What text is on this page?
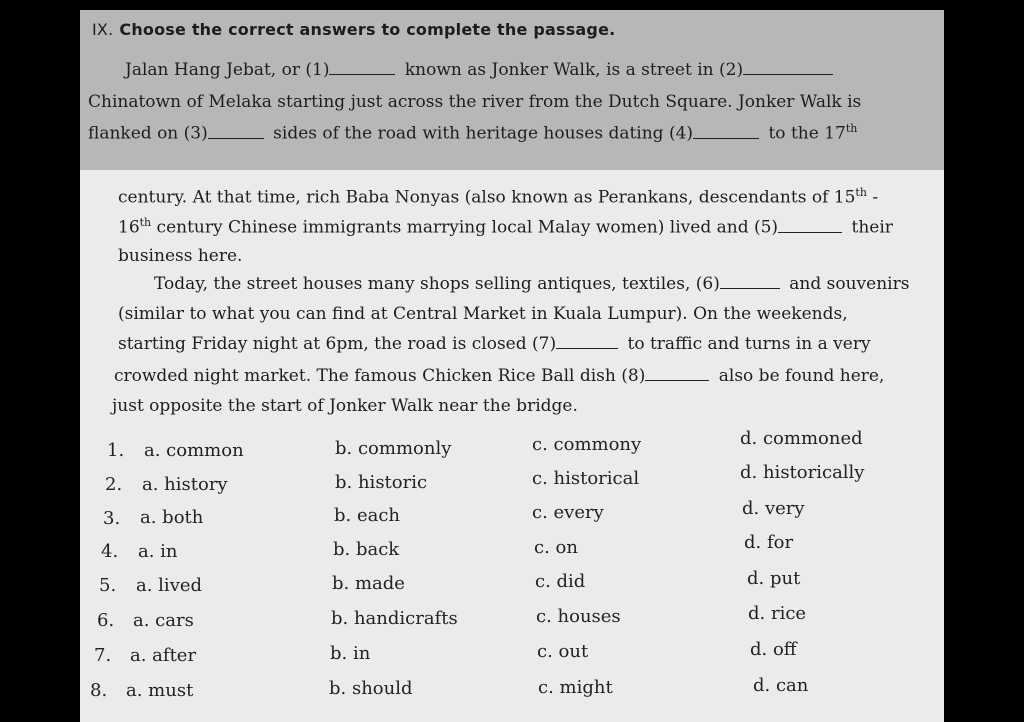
IX. Choose the correct answers to complete the passage.
Jalan Hang Jebat, or (1)	known as Jonker Walk, is a street in (2)
Chinatown of Melaka starting just across the river from the Dutch Square. Jonker Walk is
flanked on (3)	sides of the road with heritage houses dating (4)	to the 17th
century. At that time, rich Baba Nonyas (also known as Perankans, descendants of 15th -
16th century Chinese immigrants marrying local Malay women) lived and (5)	their
business here.
Today, the street houses many shops selling antiques, textiles, (6)	and souvenirs
(similar to what you can find at Central Market in Kuala Lumpur). On the weekends,
starting Friday night at 6pm, the road is closed (7)	to traffic and turns in a very
crowded night market. The famous Chicken Rice Ball dish (8)	also be found here,
just opposite the start of Jonker Walk near the bridge.
1. a. common	b. commonly	c. commony	d. commoned
2. a. history	b. historic	c. historical	d. historically
3. a. both	b. each	c. every	d. very
4. a. in	b. back	c. on	d. for
5. a. lived	b. made	c. did	d. put
6. a. cars	b. handicrafts	c. houses	d. rice
7. a. after	b. in	c. out	d. off
8. a. must	b. should	c. might	d. can
